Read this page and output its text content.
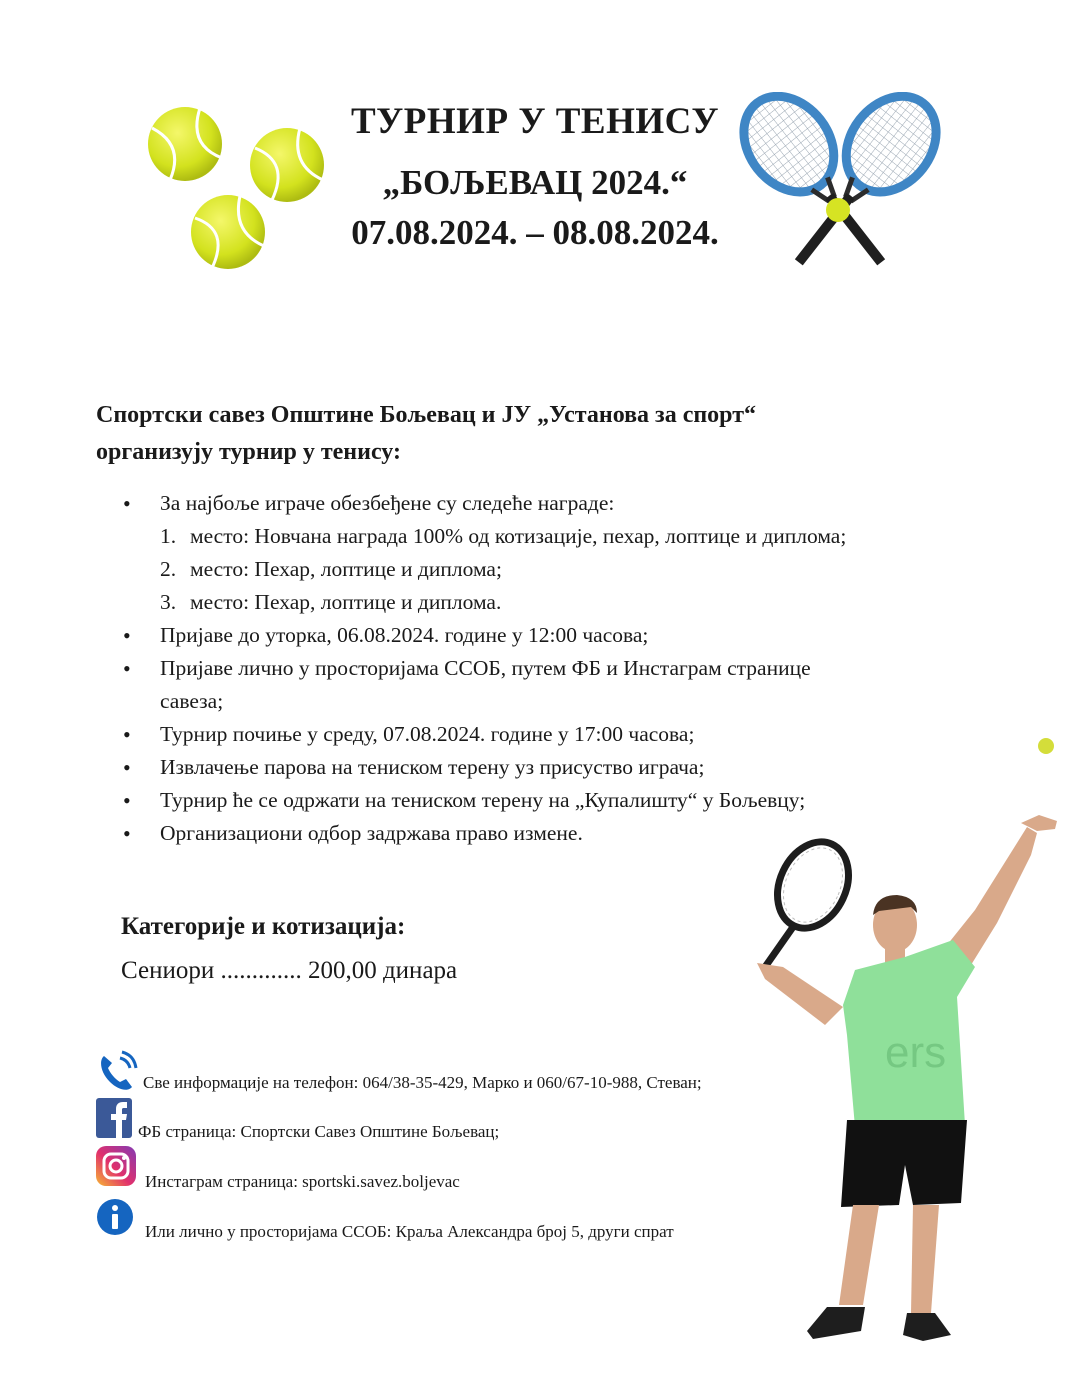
ТУРНИР У ТЕНИСУ
„БОЉЕВАЦ 2024.“
07.08.2024. – 08.08.2024.
Спортски савез Општине Бољевац и ЈУ „Установа за спорт“
организују турнир у тенису:
• За најбоље играче обезбеђене су следеће награде:
1. место: Новчана награда 100% од котизације, пехар, лоптице и диплома;
2. место: Пехар, лоптице и диплома;
3. место: Пехар, лоптице и диплома.
• Пријаве до уторка, 06.08.2024. године у 12:00 часова;
• Пријаве лично у просторијама ССОБ, путем ФБ и Инстаграм странице
савеза;
• Турнир почиње у среду, 07.08.2024. године у 17:00 часова;
• Извлачење парова на тениском терену уз присуство играча;
• Турнир ће се одржати на тениском терену на „Купалишту“ у Бољевцу;
• Организациони одбор задржава право измене.
Категорије и котизација:
Сениори ............. 200,00 динара
Све информације на телефон: 064/38-35-429, Марко и 060/67-10-988, Стеван;
ФБ страница: Спортски Савез Општине Бољевац;
Инстаграм страница: sportski.savez.boljevac
Или лично у просторијама ССОБ: Краља Александра број 5, други спрат
ers
